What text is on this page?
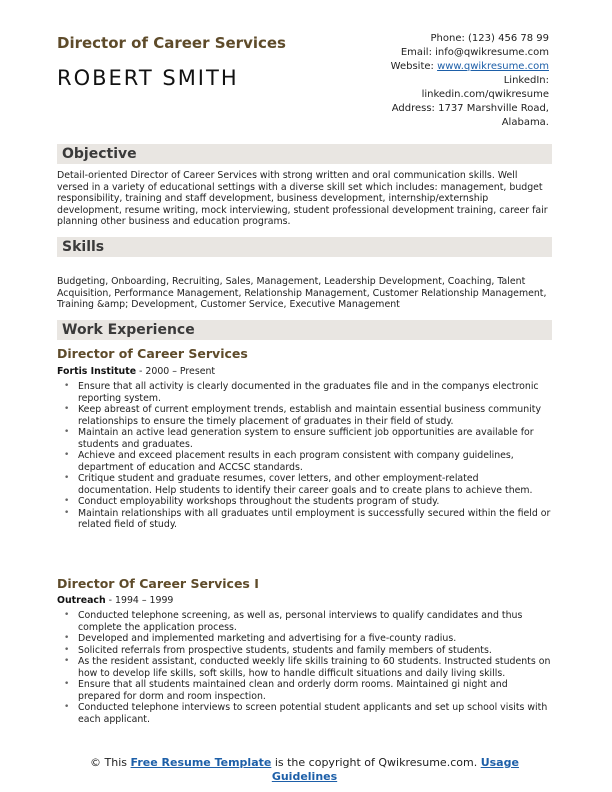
Director of Career Services
ROBERT SMITH
Phone: (123) 456 78 99
Email: info@qwikresume.com
Website: www.qwikresume.com
LinkedIn:
linkedin.com/qwikresume
Address: 1737 Marshville Road,
Alabama.
Objective

Detail-oriented Director of Career Services with strong written and oral communication skills. Well versed in a variety of educational settings with a diverse skill set which includes: management, budget responsibility, training and staff development, business development, internship/externship development, resume writing, mock interviewing, student professional development training, career fair planning other business and education programs.

Skills

Budgeting, Onboarding, Recruiting, Sales, Management, Leadership Development, Coaching, Talent Acquisition, Performance Management, Relationship Management, Customer Relationship Management, Training &amp; Development, Customer Service, Executive Management

Work Experience
Director of Career Services
Fortis Institute - 2000 – Present
• Ensure that all activity is clearly documented in the graduates file and in the companys electronic reporting system.
• Keep abreast of current employment trends, establish and maintain essential business community relationships to ensure the timely placement of graduates in their field of study.
• Maintain an active lead generation system to ensure sufficient job opportunities are available for students and graduates.
• Achieve and exceed placement results in each program consistent with company guidelines, department of education and ACCSC standards.
• Critique student and graduate resumes, cover letters, and other employment-related documentation. Help students to identify their career goals and to create plans to achieve them.
• Conduct employability workshops throughout the students program of study.
• Maintain relationships with all graduates until employment is successfully secured within the field or related field of study.
Director Of Career Services I
Outreach - 1994 – 1999
• Conducted telephone screening, as well as, personal interviews to qualify candidates and thus complete the application process.
• Developed and implemented marketing and advertising for a five-county radius.
• Solicited referrals from prospective students, students and family members of students.
• As the resident assistant, conducted weekly life skills training to 60 students. Instructed students on how to develop life skills, soft skills, how to handle difficult situations and daily living skills.
• Ensure that all students maintained clean and orderly dorm rooms. Maintained gi night and prepared for dorm and room inspection.
• Conducted telephone interviews to screen potential student applicants and set up school visits with each applicant.
© This Free Resume Template is the copyright of Qwikresume.com. Usage Guidelines
